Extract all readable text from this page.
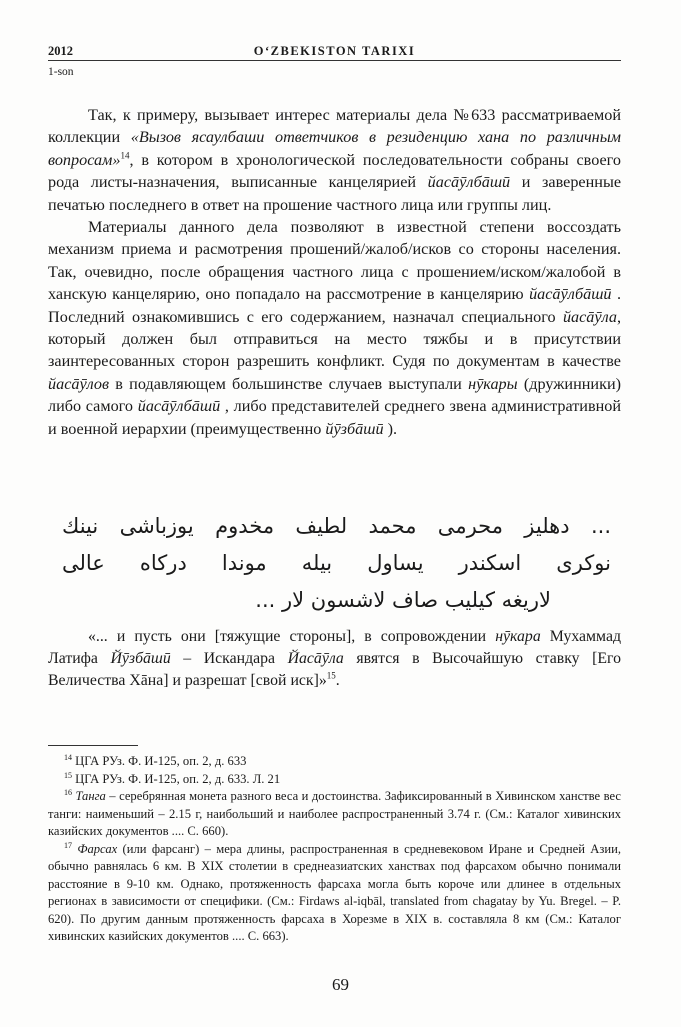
2012	O‘ZBEKISTON TARIXI
1-son

Так, к примеру, вызывает интерес материалы дела №633 рассматриваемой коллекции «Вызов ясаулбаши ответчиков в резиденцию хана по различным вопросам»$^{14}$, в котором в хронологической последовательности собраны своего рода листы-назначения, выписанные канцелярией йасāӯлбāшӣ и заверенные печатью последнего в ответ на прошение частного лица или группы лиц.

Материалы данного дела позволяют в известной степени воссоздать механизм приема и расмотрения прошений/жалоб/исков со стороны населения. Так, очевидно, после обращения частного лица с прошением/иском/жалобой в ханскую канцелярию, оно попадало на расcмотрение в канцелярию йасāӯлбāшӣ . Последний ознакомившись с его содержанием, назначал специального йасāӯла, который должен был отправиться на место тяжбы и в присутствии заинтересованных сторон разрешить конфликт. Судя по документам в качестве йасāӯлов в подавляющем большинстве случаев выступали нӯкары (дружинники) либо самого йасāӯлбāшӣ , либо представителей среднего звена административной и военной иерархии (преимущественно йӯзбāшӣ ).

... دهليز محرمى محمد لطيف مخدوم يوزباشى نينك
نوكرى اسكندر يساول بيله موندا دركاه عالى
لاريغه كيليب صاف لاشسون لار ...

«... и пусть они [тяжущие стороны], в сопровождении нӯкара Мухаммад Латифа Йӯзбāшӣ – Искандара Йасāӯла явятся в Высочайшую ставку [Его Величества Хāна] и разрешат [свой иск]»$^{15}$.

$^{14}$ ЦГА РУз. Ф. И-125, оп. 2, д. 633

$^{15}$ ЦГА РУз. Ф. И-125, оп. 2, д. 633. Л. 21

$^{16}$ Танга – серебрянная монета разного веса и достоинства. Зафиксированный в Хивинском ханстве вес танги: наименьший – 2.15 г, наибольший и наиболее распространенный 3.74 г. (См.: Каталог хивинских казийских документов .... С. 660).

$^{17}$ Фарсах (или фарсанг) – мера длины, распространенная в средневековом Иране и Средней Азии, обычно равнялась 6 км. В XIX столетии в среднеазиатских ханствах под фарсахом обычно понимали расстояние в 9-10 км. Однако, протяженность фарсаха могла быть короче или длинее в отдельных регионах в зависимости от специфики. (См.: Firdaws al-iqbāl, translated from chagatay by Yu. Bregel. – P. 620). По другим данным протяженность фарсаха в Хорезме в XIX в. составляла 8 км (См.: Каталог хивинских казийских документов .... С. 663).

69
